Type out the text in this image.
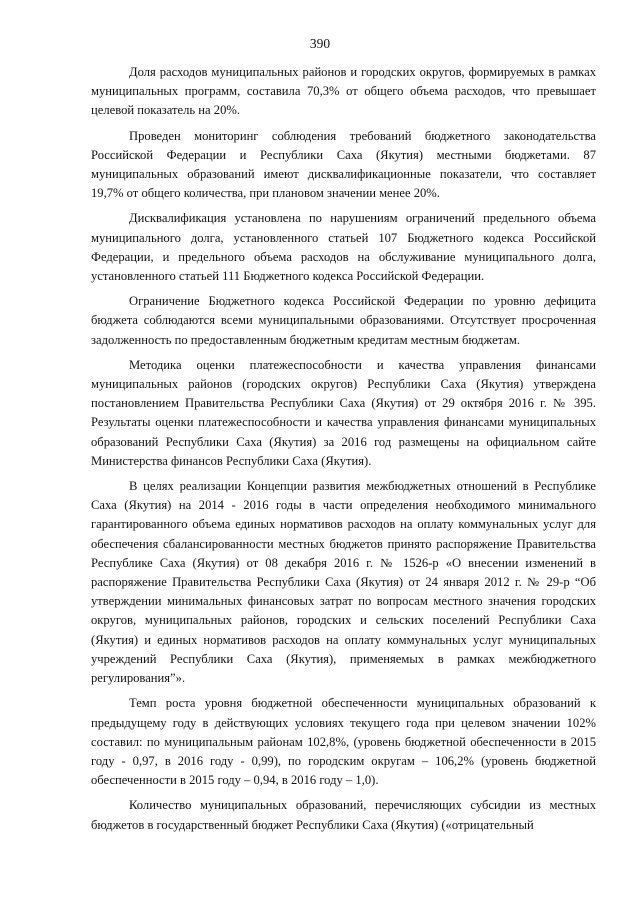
390

Доля расходов муниципальных районов и городских округов, формируемых в рамках муниципальных программ, составила 70,3% от общего объема расходов, что превышает целевой показатель на 20%.

Проведен мониторинг соблюдения требований бюджетного законодательства Российской Федерации и Республики Саха (Якутия) местными бюджетами. 87 муниципальных образований имеют дисквалификационные показатели, что составляет 19,7% от общего количества, при плановом значении менее 20%.

Дисквалификация установлена по нарушениям ограничений предельного объема муниципального долга, установленного статьей 107 Бюджетного кодекса Российской Федерации, и предельного объема расходов на обслуживание муниципального долга, установленного статьей 111 Бюджетного кодекса Российской Федерации.

Ограничение Бюджетного кодекса Российской Федерации по уровню дефицита бюджета соблюдаются всеми муниципальными образованиями. Отсутствует просроченная задолженность по предоставленным бюджетным кредитам местным бюджетам.

Методика оценки платежеспособности и качества управления финансами муниципальных районов (городских округов) Республики Саха (Якутия) утверждена постановлением Правительства Республики Саха (Якутия) от 29 октября 2016 г. № 395. Результаты оценки платежеспособности и качества управления финансами муниципальных образований Республики Саха (Якутия) за 2016 год размещены на официальном сайте Министерства финансов Республики Саха (Якутия).

В целях реализации Концепции развития межбюджетных отношений в Республике Саха (Якутия) на 2014 - 2016 годы в части определения необходимого минимального гарантированного объема единых нормативов расходов на оплату коммунальных услуг для обеспечения сбалансированности местных бюджетов принято распоряжение Правительства Республике Саха (Якутия) от 08 декабря 2016 г. № 1526-р «О внесении изменений в распоряжение Правительства Республики Саха (Якутия) от 24 января 2012 г. № 29-р “Об утверждении минимальных финансовых затрат по вопросам местного значения городских округов, муниципальных районов, городских и сельских поселений Республики Саха (Якутия) и единых нормативов расходов на оплату коммунальных услуг муниципальных учреждений Республики Саха (Якутия), применяемых в рамках межбюджетного регулирования”».

Темп роста уровня бюджетной обеспеченности муниципальных образований к предыдущему году в действующих условиях текущего года при целевом значении 102% составил: по муниципальным районам 102,8%, (уровень бюджетной обеспеченности в 2015 году - 0,97, в 2016 году - 0,99), по городским округам – 106,2% (уровень бюджетной обеспеченности в 2015 году – 0,94, в 2016 году – 1,0).

Количество муниципальных образований, перечисляющих субсидии из местных бюджетов в государственный бюджет Республики Саха (Якутия) («отрицательный
